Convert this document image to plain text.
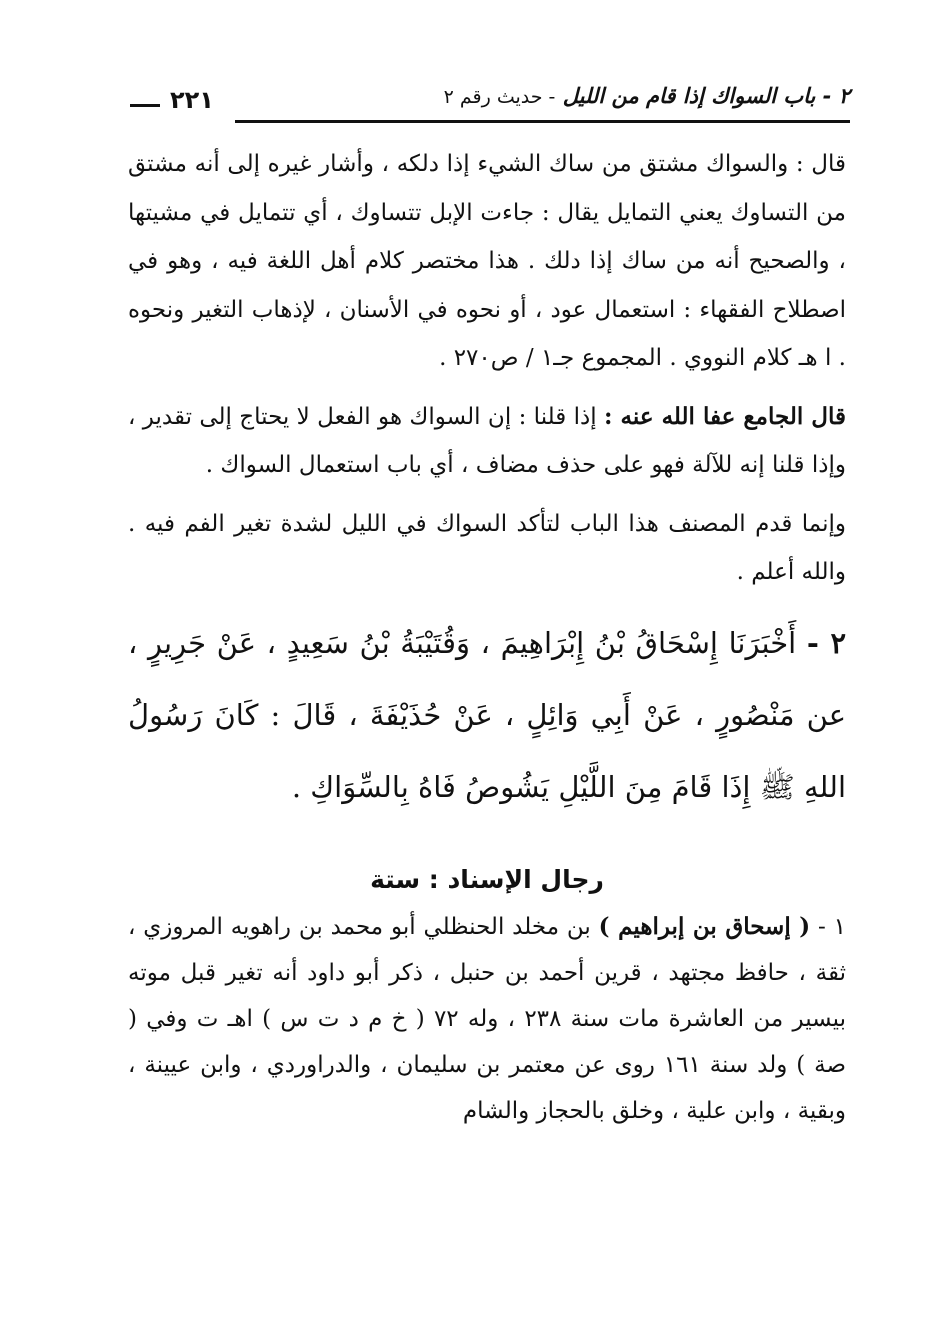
٢ - باب السواك إذا قام من الليل - حديث رقم ٢
٢٢١

قال : والسواك مشتق من ساك الشيء إذا دلكه ، وأشار غيره إلى أنه مشتق من التساوك يعني التمايل يقال : جاءت الإبل تتساوك ، أي تتمايل في مشيتها ، والصحيح أنه من ساك إذا دلك . هذا مختصر كلام أهل اللغة فيه ، وهو في اصطلاح الفقهاء : استعمال عود ، أو نحوه في الأسنان ، لإذهاب التغير ونحوه . ا هـ كلام النووي . المجموع جـ١ / ص٢٧٠ .

قال الجامع عفا الله عنه : إذا قلنا : إن السواك هو الفعل لا يحتاج إلى تقدير ، وإذا قلنا إنه للآلة فهو على حذف مضاف ، أي باب استعمال السواك .

وإنما قدم المصنف هذا الباب لتأكد السواك في الليل لشدة تغير الفم فيه . والله أعلم .

٢ - أَخْبَرَنَا إِسْحَاقُ بْنُ إِبْرَاهِيمَ ، وَقُتَيْبَةُ بْنُ سَعِيدٍ ، عَنْ جَرِيرٍ ، عن مَنْصُورٍ ، عَنْ أَبِي وَائِلٍ ، عَنْ حُذَيْفَةَ ، قَالَ : كَانَ رَسُولُ اللهِ ﷺ إِذَا قَامَ مِنَ اللَّيْلِ يَشُوصُ فَاهُ بِالسِّوَاكِ .

رجال الإسناد : ستة

١ - ( إسحاق بن إبراهيم ) بن مخلد الحنظلي أبو محمد بن راهويه المروزي ، ثقة ، حافظ مجتهد ، قرين أحمد بن حنبل ، ذكر أبو داود أنه تغير قبل موته بيسير من العاشرة مات سنة ٢٣٨ ، وله ٧٢ ( خ م د ت س ) اهـ ت وفي ( صة ) ولد سنة ١٦١ روى عن معتمر بن سليمان ، والدراوردي ، وابن عيينة ، وبقية ، وابن علية ، وخلق بالحجاز والشام
